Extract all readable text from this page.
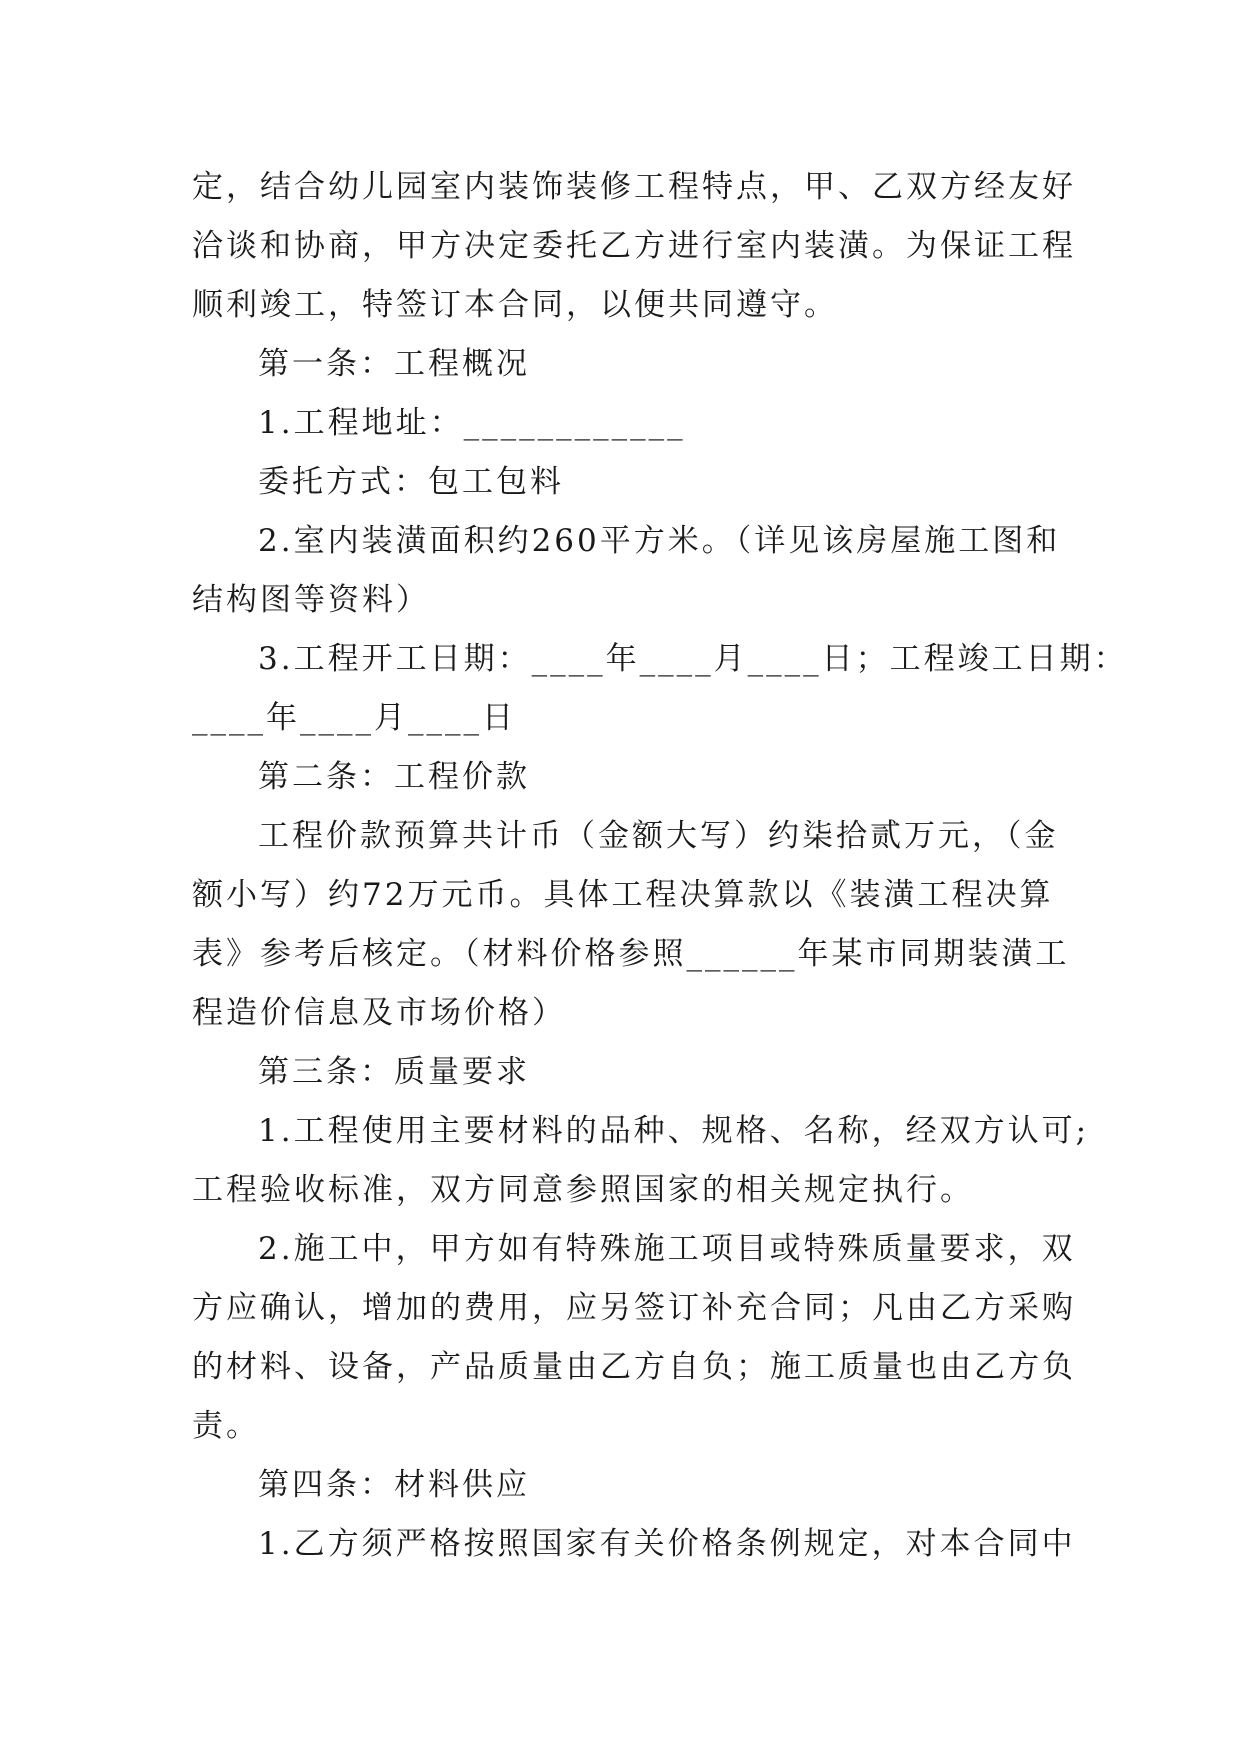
定，结合幼儿园室内装饰装修工程特点，甲、乙双方经友好
洽谈和协商，甲方决定委托乙方进行室内装潢。为保证工程
顺利竣工，特签订本合同，以便共同遵守。
第一条：工程概况
1.工程地址：____________
委托方式：包工包料
2.室内装潢面积约260平方米。（详见该房屋施工图和
结构图等资料）
3.工程开工日期：____年____月____日；工程竣工日期：
____年____月____日
第二条：工程价款
工程价款预算共计币（金额大写）约柒拾贰万元，（金
额小写）约72万元币。具体工程决算款以《装潢工程决算
表》参考后核定。（材料价格参照______年某市同期装潢工
程造价信息及市场价格）
第三条：质量要求
1.工程使用主要材料的品种、规格、名称，经双方认可;
工程验收标准，双方同意参照国家的相关规定执行。
2.施工中，甲方如有特殊施工项目或特殊质量要求，双
方应确认，增加的费用，应另签订补充合同；凡由乙方采购
的材料、设备，产品质量由乙方自负；施工质量也由乙方负
责。
第四条：材料供应
1.乙方须严格按照国家有关价格条例规定，对本合同中
